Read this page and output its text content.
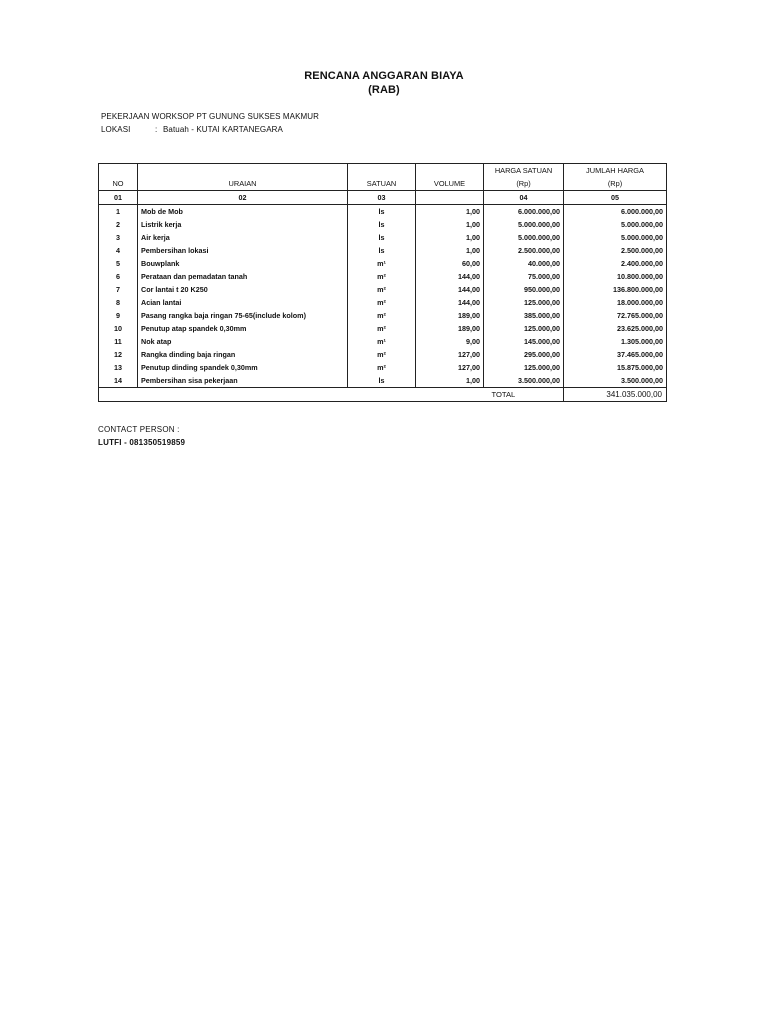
RENCANA ANGGARAN BIAYA
(RAB)
PEKERJAAN WORKSOP PT GUNUNG SUKSES MAKMUR
LOKASI	: Batuah - KUTAI KARTANEGARA
				HARGA SATUAN	JUMLAH HARGA
NO	URAIAN	SATUAN	VOLUME	(Rp)	(Rp)
01	02	03		04	05
1	Mob de Mob	ls	1,00	6.000.000,00	6.000.000,00
2	Listrik kerja	ls	1,00	5.000.000,00	5.000.000,00
3	Air kerja	ls	1,00	5.000.000,00	5.000.000,00
4	Pembersihan lokasi	ls	1,00	2.500.000,00	2.500.000,00
5	Bouwplank	m¹	60,00	40.000,00	2.400.000,00
6	Perataan dan pemadatan tanah	m²	144,00	75.000,00	10.800.000,00
7	Cor lantai t 20 K250	m²	144,00	950.000,00	136.800.000,00
8	Acian lantai	m²	144,00	125.000,00	18.000.000,00
9	Pasang rangka baja ringan 75-65(include kolom)	m²	189,00	385.000,00	72.765.000,00
10	Penutup atap spandek 0,30mm	m²	189,00	125.000,00	23.625.000,00
11	Nok atap	m¹	9,00	145.000,00	1.305.000,00
12	Rangka dinding baja ringan	m²	127,00	295.000,00	37.465.000,00
13	Penutup dinding spandek 0,30mm	m²	127,00	125.000,00	15.875.000,00
14	Pembersihan sisa pekerjaan	ls	1,00	3.500.000,00	3.500.000,00
				TOTAL	341.035.000,00
CONTACT PERSON :
LUTFI - 081350519859
